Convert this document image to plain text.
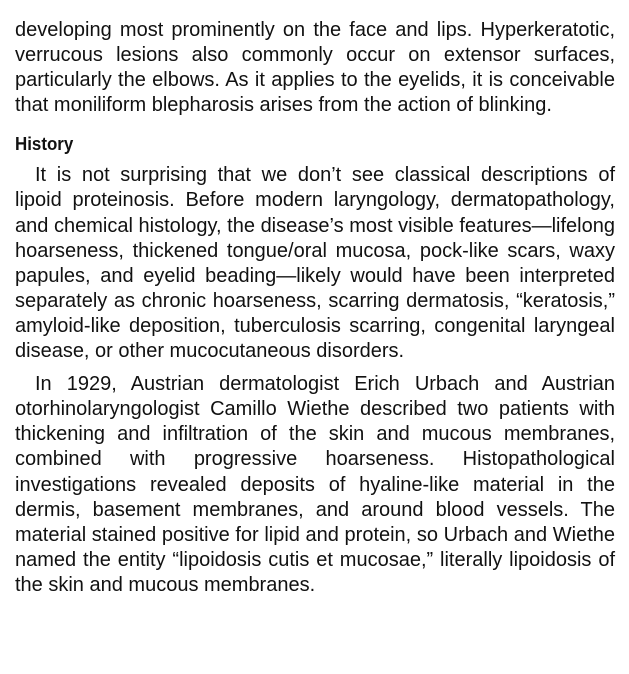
developing most prominently on the face and lips. Hyperkeratotic, verrucous lesions also commonly occur on extensor surfaces, particularly the elbows. As it applies to the eyelids, it is conceivable that moniliform blepharosis arises from the action of blinking.

History

It is not surprising that we don’t see classical descriptions of lipoid proteinosis. Before modern laryngology, dermatopathology, and chemical histology, the disease’s most visible features—lifelong hoarseness, thickened tongue/oral mucosa, pock-like scars, waxy papules, and eyelid beading—likely would have been interpreted separately as chronic hoarseness, scarring dermatosis, “keratosis,” amyloid-like deposition, tuberculosis scarring, congenital laryngeal disease, or other mucocutaneous disorders.

In 1929, Austrian dermatologist Erich Urbach and Austrian otorhinolaryngologist Camillo Wiethe described two patients with thickening and infiltration of the skin and mucous membranes, combined with progressive hoarseness. Histopathological investigations revealed deposits of hyaline-like material in the dermis, basement membranes, and around blood vessels. The material stained positive for lipid and protein, so Urbach and Wiethe named the entity “lipoidosis cutis et mucosae,” literally lipoidosis of the skin and mucous membranes.
